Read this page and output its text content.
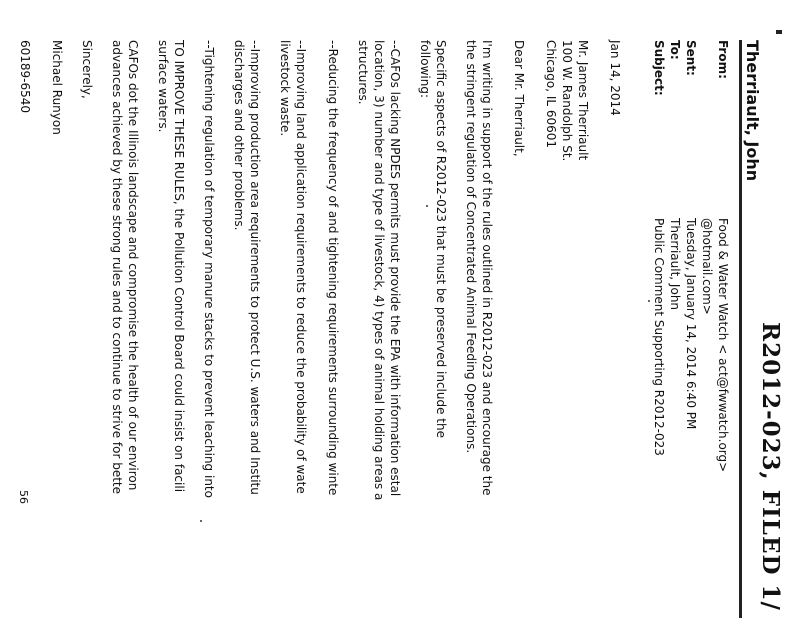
R2012-023, FILED 1/
Therriault, John
From:
Food & Water Watch < act@fwwatch.org>
@hotmail.com>
Sent:
Tuesday, January 14, 2014 6:40 PM
To:
Therriault, John
Subject:
Public Comment Supporting R2012-023
Jan 14, 2014
Mr. James Therriault
100 W. Randolph St.
Chicago, IL 60601
Dear Mr. Therriault,
I'm writing in support of the rules outlined in R2012-023 and encourage the
the stringent regulation of Concentrated Animal Feeding Operations.
Specific aspects of R2012-023 that must be preserved include the
following:
--CAFOs lacking NPDES permits must provide the EPA with information estal
location, 3) number and type of livestock, 4) types of animal holding areas a
structures.
--Reducing the frequency of and tightening requirements surrounding winte
--Improving land application requirements to reduce the probability of wate
livestock waste.
--Improving production area requirements to protect U.S. waters and Institu
discharges and other problems.
--Tightening regulation of temporary manure stacks to prevent leaching into
TO IMPROVE THESE RULES, the Pollution Control Board could insist on facili
surface waters.
CAFOs dot the Illinois landscape and compromise the health of our environ
advances achieved by these strong rules and to continue to strive for bette
Sincerely,
Michael Runyon
60189-6540
56
